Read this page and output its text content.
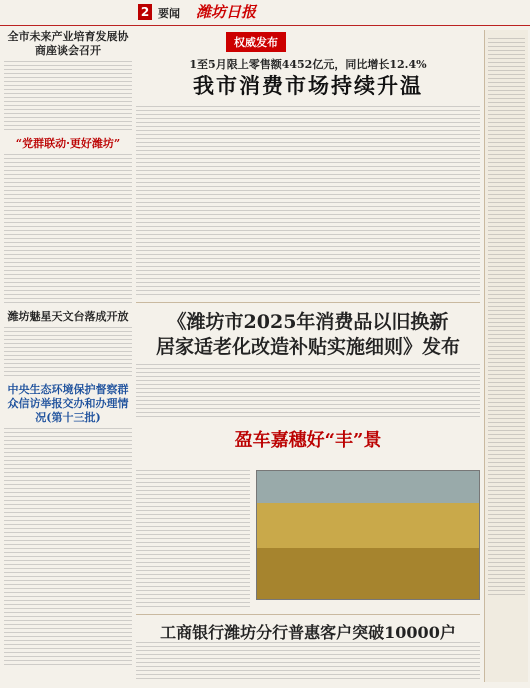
2 要闻 潍坊日报
全市未来产业培育发展协商座谈会召开
“党群联动·更好潍坊”
潍坊魅星天文台落成开放
中央生态环境保护督察群众信访举报交办和办理情况(第十三批)
权威发布
1至5月限上零售额4452亿元，同比增长12.4%
我市消费市场持续升温
《潍坊市2025年消费品以旧换新
居家适老化改造补贴实施细则》发布
盈车嘉穗好“丰”景
工商银行潍坊分行普惠客户突破10000户
